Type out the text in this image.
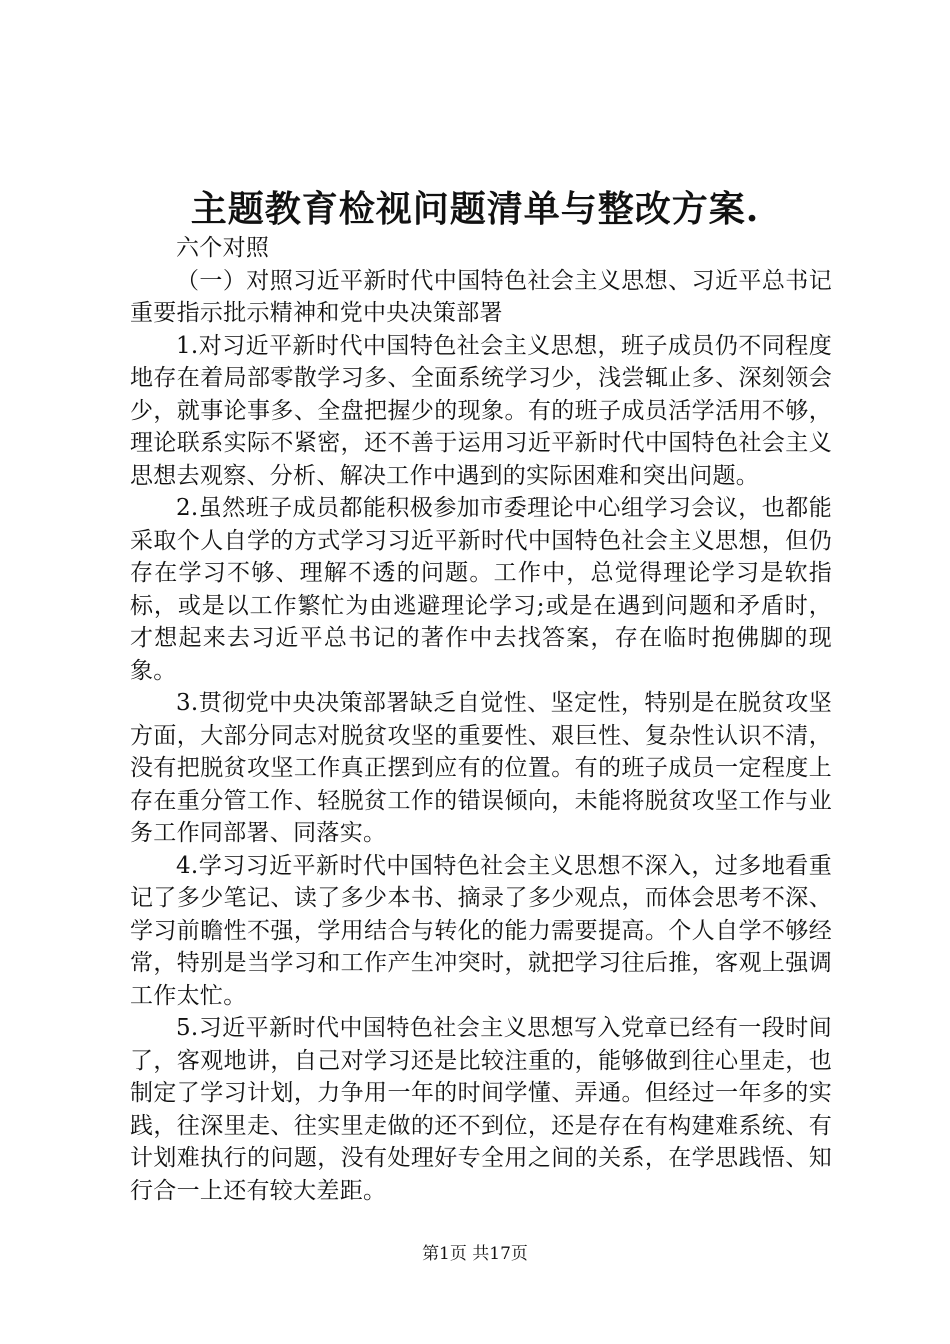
主题教育检视问题清单与整改方案.

六个对照

（一）对照习近平新时代中国特色社会主义思想、习近平总书记重要指示批示精神和党中央决策部署

1.对习近平新时代中国特色社会主义思想，班子成员仍不同程度地存在着局部零散学习多、全面系统学习少，浅尝辄止多、深刻领会少，就事论事多、全盘把握少的现象。有的班子成员活学活用不够，理论联系实际不紧密，还不善于运用习近平新时代中国特色社会主义思想去观察、分析、解决工作中遇到的实际困难和突出问题。

2.虽然班子成员都能积极参加市委理论中心组学习会议，也都能采取个人自学的方式学习习近平新时代中国特色社会主义思想，但仍存在学习不够、理解不透的问题。工作中，总觉得理论学习是软指标，或是以工作繁忙为由逃避理论学习;或是在遇到问题和矛盾时，才想起来去习近平总书记的著作中去找答案，存在临时抱佛脚的现象。

3.贯彻党中央决策部署缺乏自觉性、坚定性，特别是在脱贫攻坚方面，大部分同志对脱贫攻坚的重要性、艰巨性、复杂性认识不清，没有把脱贫攻坚工作真正摆到应有的位置。有的班子成员一定程度上存在重分管工作、轻脱贫工作的错误倾向，未能将脱贫攻坚工作与业务工作同部署、同落实。

4.学习习近平新时代中国特色社会主义思想不深入，过多地看重记了多少笔记、读了多少本书、摘录了多少观点，而体会思考不深、学习前瞻性不强，学用结合与转化的能力需要提高。个人自学不够经常，特别是当学习和工作产生冲突时，就把学习往后推，客观上强调工作太忙。

5.习近平新时代中国特色社会主义思想写入党章已经有一段时间了，客观地讲，自己对学习还是比较注重的，能够做到往心里走，也制定了学习计划，力争用一年的时间学懂、弄通。但经过一年多的实践，往深里走、往实里走做的还不到位，还是存在有构建难系统、有计划难执行的问题，没有处理好专全用之间的关系，在学思践悟、知行合一上还有较大差距。

第1页 共17页
